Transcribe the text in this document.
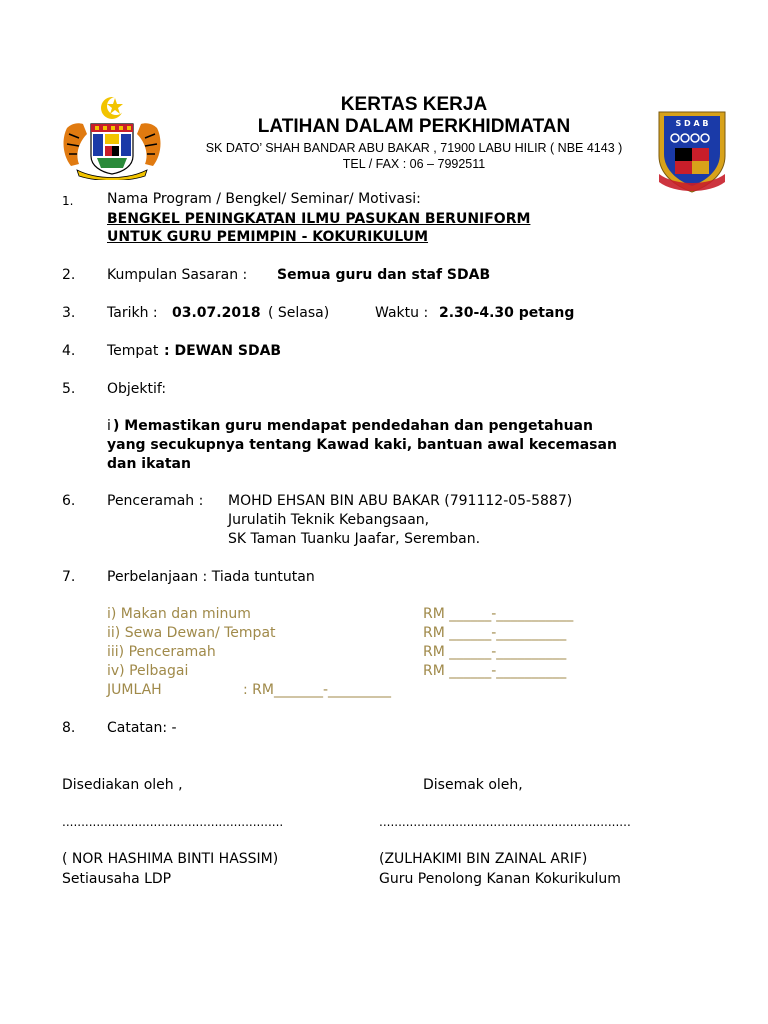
S D A B
KERTAS KERJA
LATIHAN DALAM PERKHIDMATAN
SK DATO’ SHAH BANDAR ABU BAKAR , 71900 LABU HILIR ( NBE 4143 )
TEL / FAX : 06 – 7992511
1. Nama Program / Bengkel/ Seminar/ Motivasi:
BENGKEL PENINGKATAN ILMU PASUKAN BERUNIFORM
UNTUK GURU PEMIMPIN - KOKURIKULUM
2. Kumpulan Sasaran : Semua guru dan staf SDAB
3. Tarikh : 03.07.2018 ( Selasa)	Waktu : 2.30-4.30 petang
4. Tempat : DEWAN SDAB
5. Objektif:
i ) Memastikan guru mendapat pendedahan dan pengetahuan
yang secukupnya tentang Kawad kaki, bantuan awal kecemasan
dan ikatan
6. Penceramah : MOHD EHSAN BIN ABU BAKAR (791112-05-5887)
Jurulatih Teknik Kebangsaan,
SK Taman Tuanku Jaafar, Seremban.
7. Perbelanjaan : Tiada tuntutan
i) Makan dan minum	RM ______-___________
ii) Sewa Dewan/ Tempat	RM ______-__________
iii) Penceramah	RM ______-__________
iv) Pelbagai	RM ______-__________
JUMLAH	: RM_______-_________
8. Catatan: -
Disediakan oleh ,	Disemak oleh,
..........................................................	..................................................................
( NOR HASHIMA BINTI HASSIM)	(ZULHAKIMI BIN ZAINAL ARIF)
Setiausaha LDP	Guru Penolong Kanan Kokurikulum
